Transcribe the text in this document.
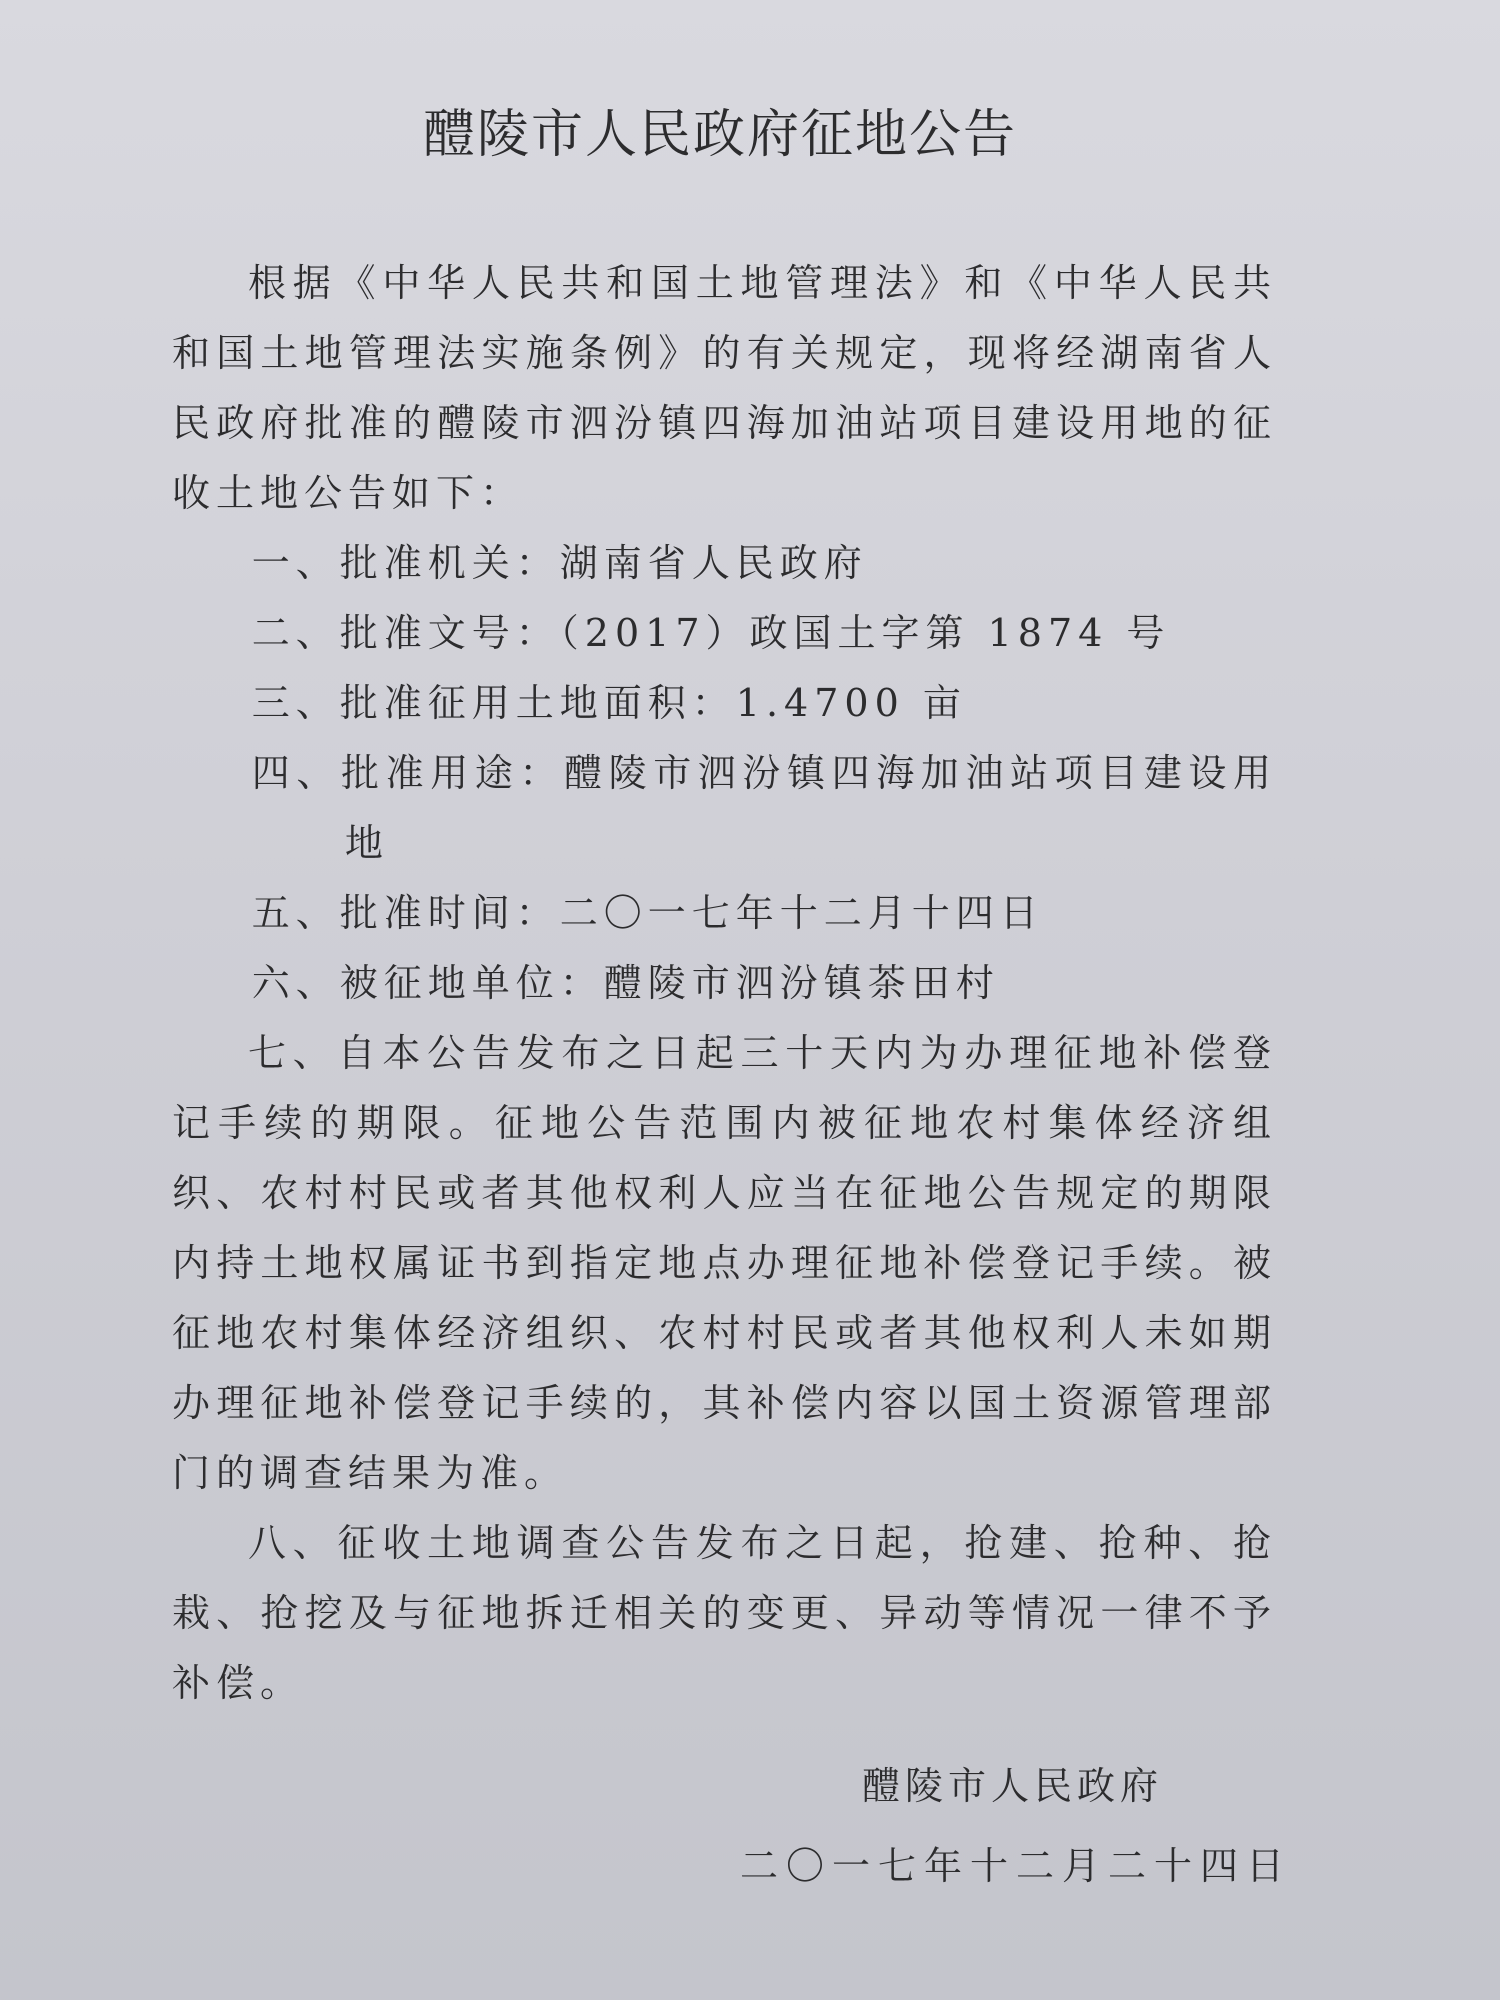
醴陵市人民政府征地公告

根据《中华人民共和国土地管理法》和《中华人民共和国土地管理法实施条例》的有关规定，现将经湖南省人民政府批准的醴陵市泗汾镇四海加油站项目建设用地的征收土地公告如下：

一、批准机关：湖南省人民政府

二、批准文号：（2017）政国土字第 1874 号

三、批准征用土地面积：1.4700 亩

四、批准用途：醴陵市泗汾镇四海加油站项目建设用地

五、批准时间：二〇一七年十二月十四日

六、被征地单位：醴陵市泗汾镇茶田村

七、自本公告发布之日起三十天内为办理征地补偿登记手续的期限。征地公告范围内被征地农村集体经济组织、农村村民或者其他权利人应当在征地公告规定的期限内持土地权属证书到指定地点办理征地补偿登记手续。被征地农村集体经济组织、农村村民或者其他权利人未如期办理征地补偿登记手续的，其补偿内容以国土资源管理部门的调查结果为准。

八、征收土地调查公告发布之日起，抢建、抢种、抢栽、抢挖及与征地拆迁相关的变更、异动等情况一律不予补偿。

醴陵市人民政府
二〇一七年十二月二十四日
